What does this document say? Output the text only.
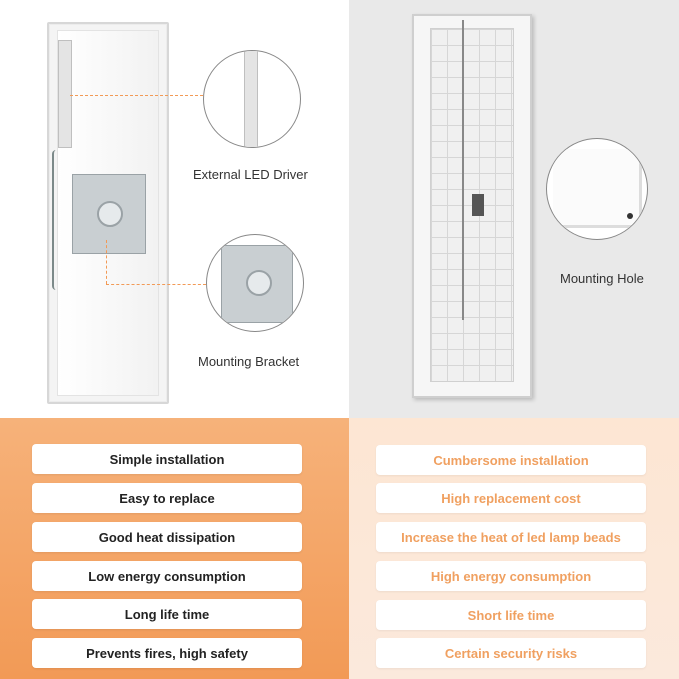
External LED Driver
Mounting Bracket
Mounting Hole
Simple installation
Easy to replace
Good heat dissipation
Low energy consumption
Long life time
Prevents fires, high safety
Cumbersome installation
High replacement cost
Increase the heat of led lamp beads
High energy consumption
Short life time
Certain security risks
